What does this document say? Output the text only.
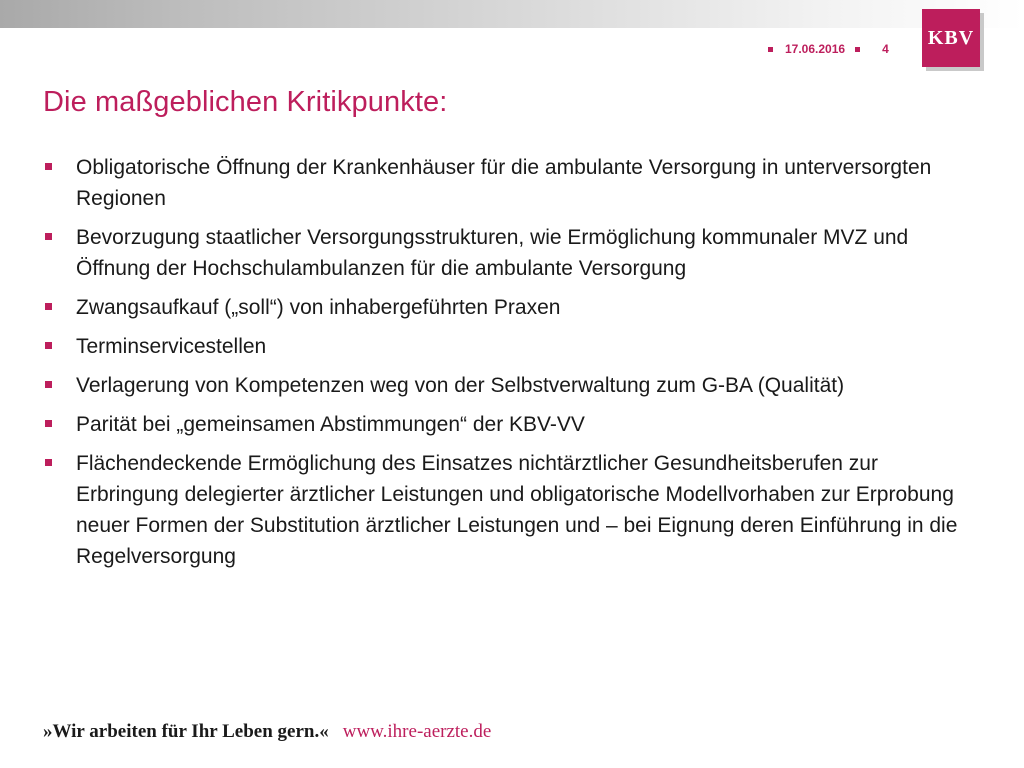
17.06.2016	4
KBV
Die maßgeblichen Kritikpunkte:
Obligatorische Öffnung der Krankenhäuser für die ambulante Versorgung in unterversorgten Regionen
Bevorzugung staatlicher Versorgungsstrukturen, wie Ermöglichung kommunaler MVZ und Öffnung der Hochschulambulanzen für die ambulante Versorgung
Zwangsaufkauf („soll“) von inhabergeführten Praxen
Terminservicestellen
Verlagerung von Kompetenzen weg von der Selbstverwaltung zum G-BA (Qualität)
Parität bei „gemeinsamen Abstimmungen“ der KBV-VV
Flächendeckende Ermöglichung des Einsatzes nichtärztlicher Gesundheitsberufen zur Erbringung delegierter ärztlicher Leistungen und obligatorische Modellvorhaben zur Erprobung neuer Formen der Substitution ärztlicher Leistungen und – bei Eignung deren Einführung in die Regelversorgung
»Wir arbeiten für Ihr Leben gern.« www.ihre-aerzte.de
